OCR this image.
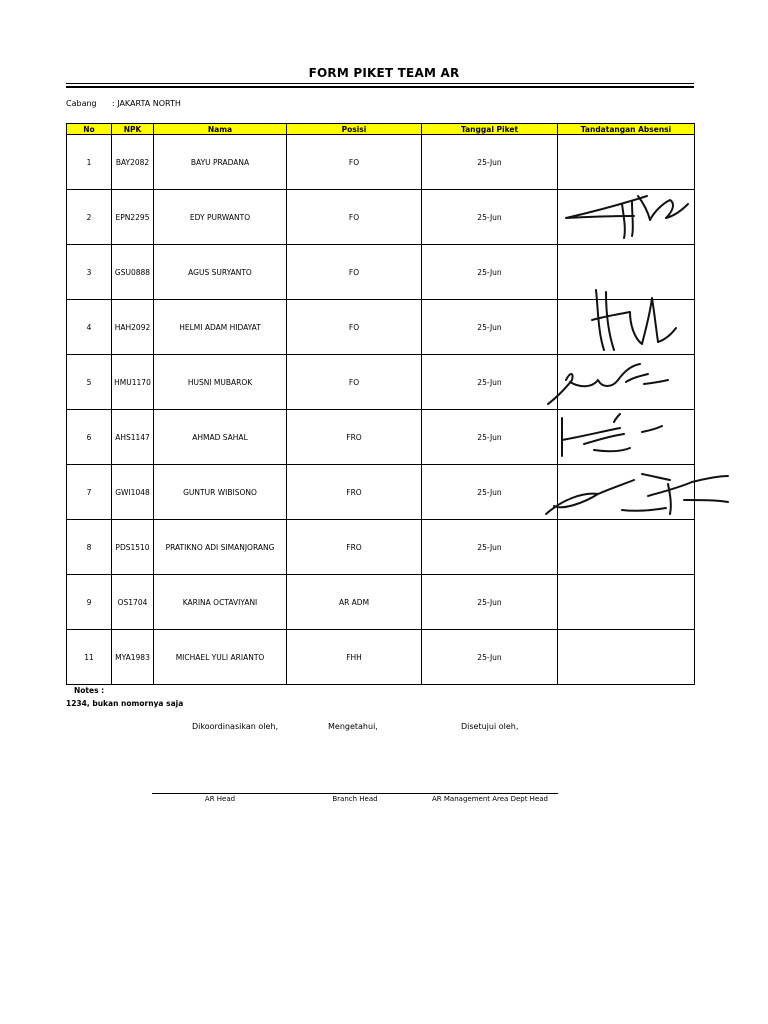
FORM PIKET TEAM AR
Cabang : JAKARTA NORTH
No	NPK	Nama	Posisi	Tanggal Piket	Tandatangan Absensi
1	BAY2082	BAYU PRADANA	FO	25-Jun	
2	EPN2295	EDY PURWANTO	FO	25-Jun	
3	GSU0888	AGUS SURYANTO	FO	25-Jun	
4	HAH2092	HELMI ADAM HIDAYAT	FO	25-Jun	
5	HMU1170	HUSNI MUBAROK	FO	25-Jun	
6	AHS1147	AHMAD SAHAL	FRO	25-Jun	
7	GWI1048	GUNTUR WIBISONO	FRO	25-Jun	
8	PDS1510	PRATIKNO ADI SIMANJORANG	FRO	25-Jun	
9	OS1704	KARINA OCTAVIYANI	AR ADM	25-Jun	
11	MYA1983	MICHAEL YULI ARIANTO	FHH	25-Jun	
Notes :
1234, bukan nomornya saja
Dikoordinasikan oleh,	Mengetahui,	Disetujui oleh,
AR Head	Branch Head	AR Management Area Dept Head
